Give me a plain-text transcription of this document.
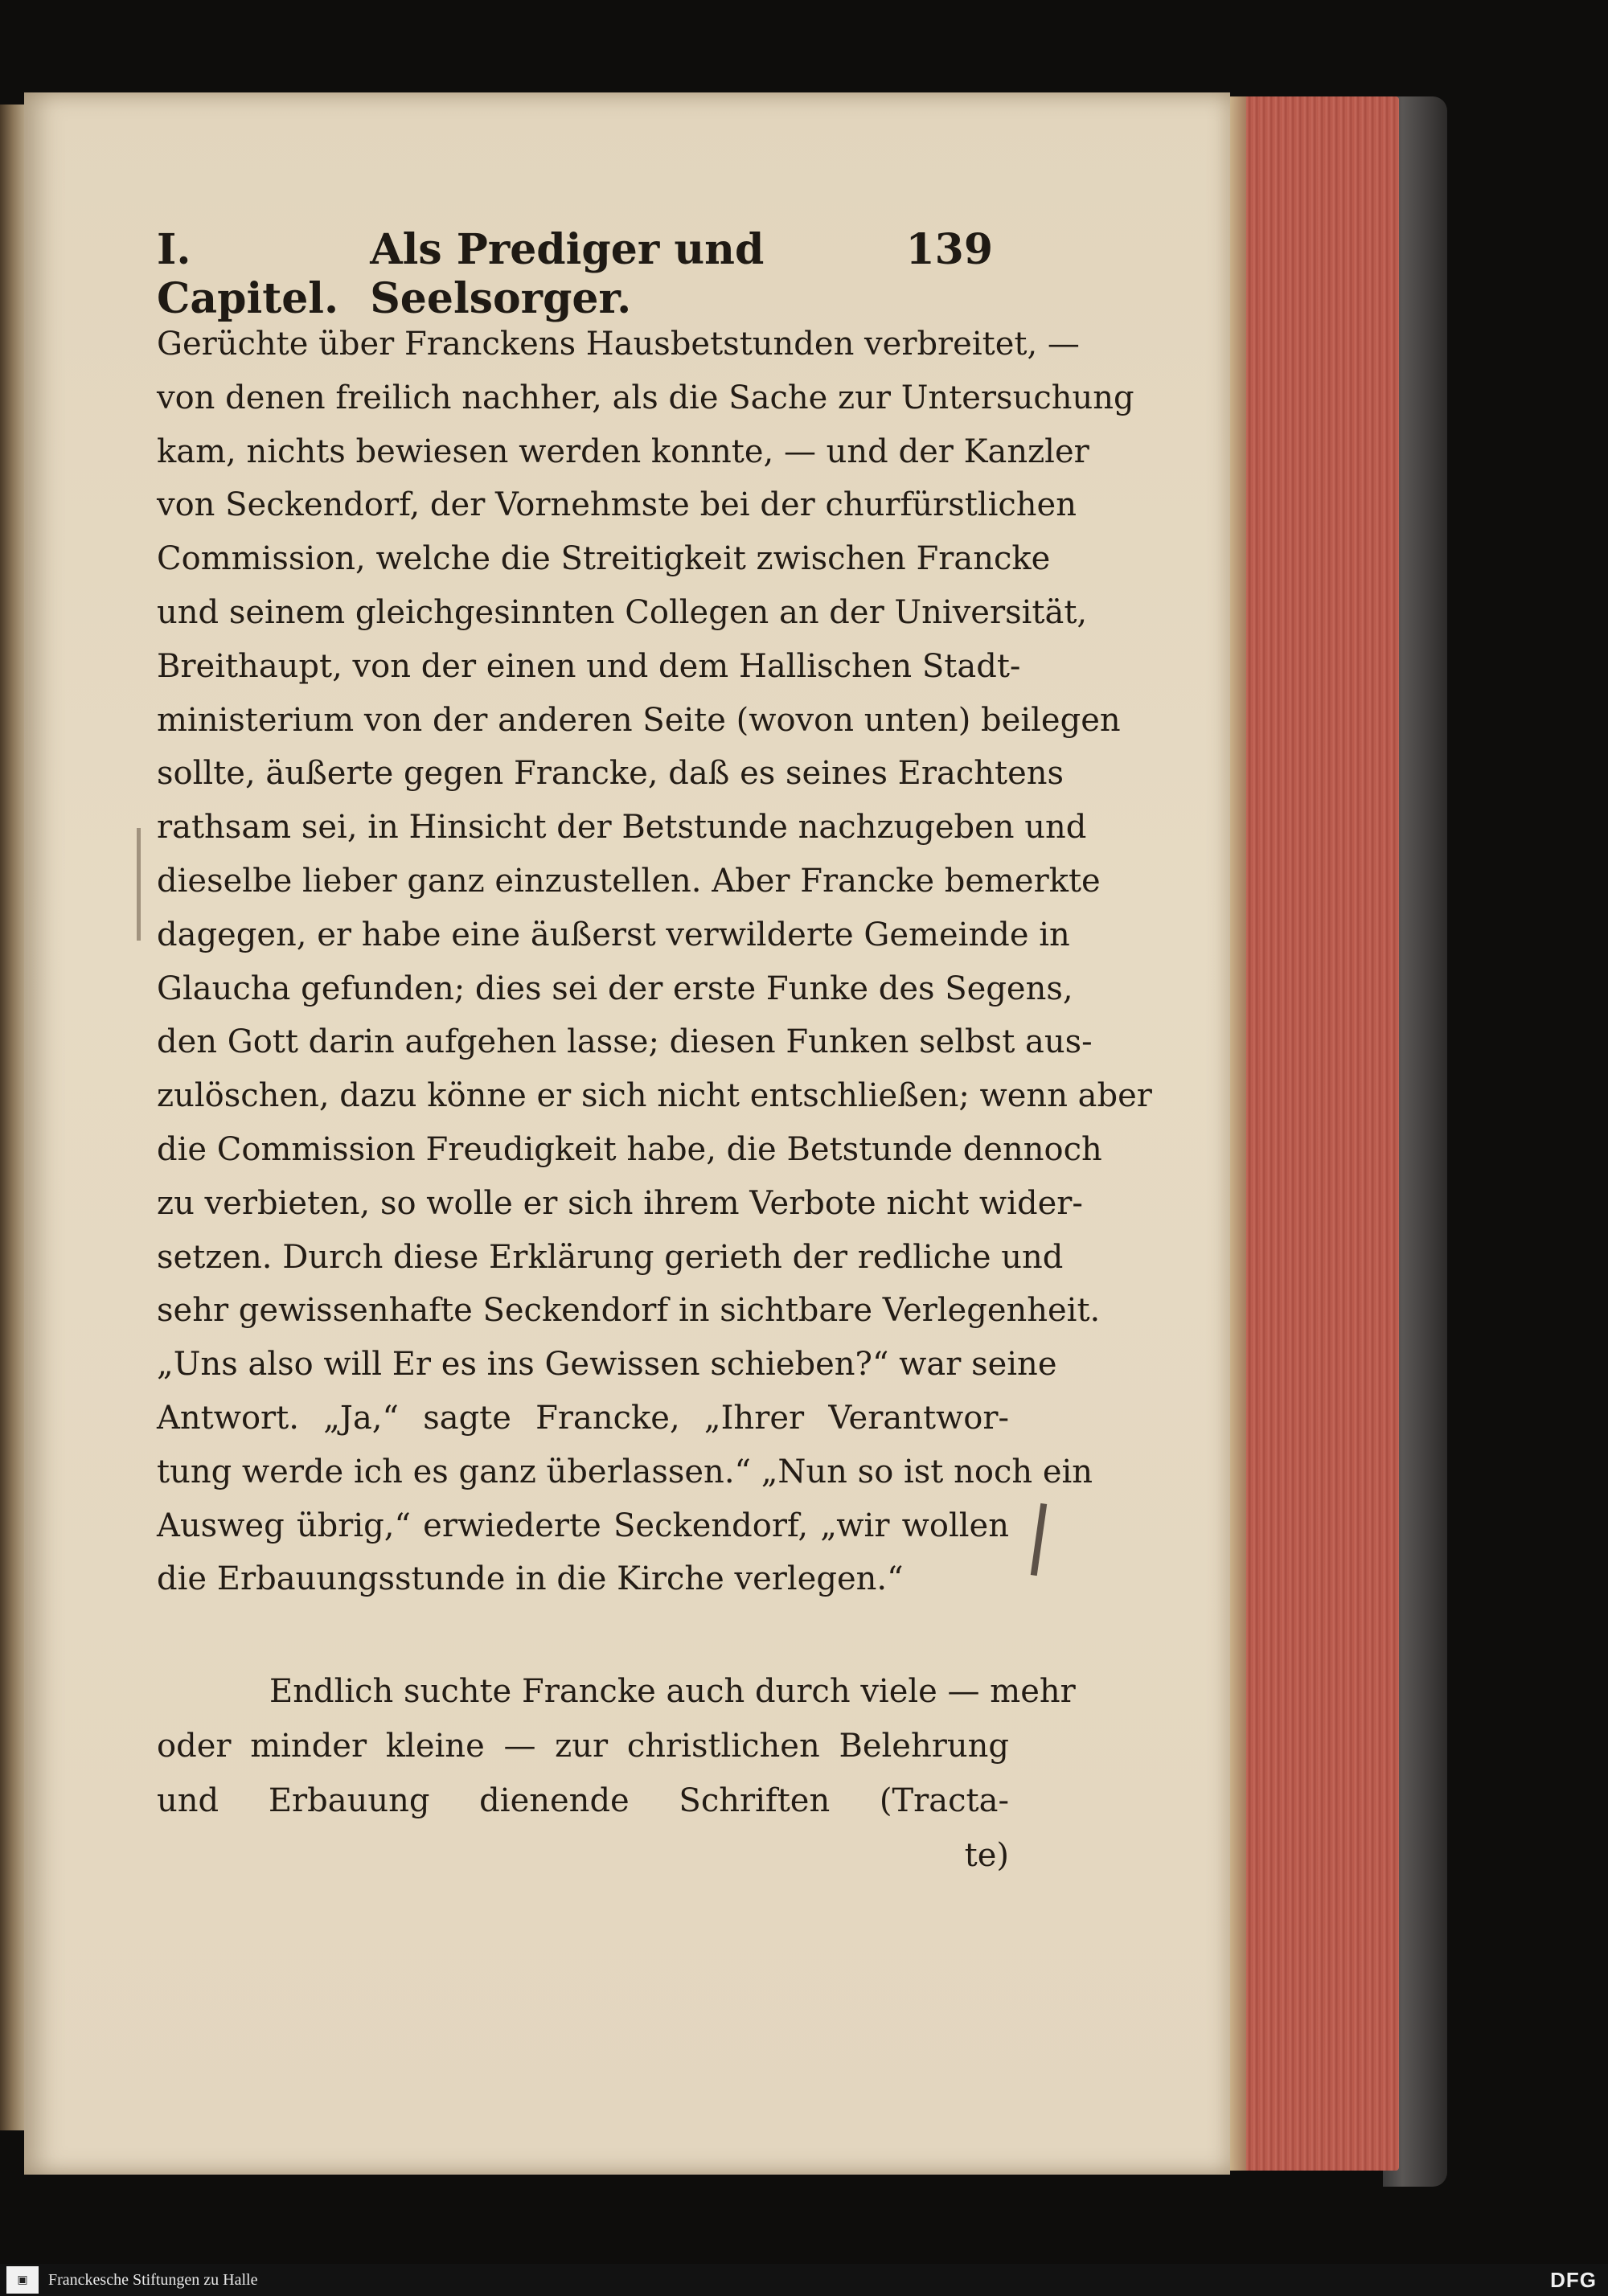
I. Capitel.
Als Prediger und Seelsorger.
139
Gerüchte über Franckens Hausbetstunden verbreitet, —
von denen freilich nachher, als die Sache zur Untersuchung
kam, nichts bewiesen werden konnte, — und der Kanzler
von Seckendorf, der Vornehmste bei der churfürstlichen
Commission, welche die Streitigkeit zwischen Francke
und seinem gleichgesinnten Collegen an der Universität,
Breithaupt, von der einen und dem Hallischen Stadt-
ministerium von der anderen Seite (wovon unten) beilegen
sollte, äußerte gegen Francke, daß es seines Erachtens
rathsam sei, in Hinsicht der Betstunde nachzugeben und
dieselbe lieber ganz einzustellen. Aber Francke bemerkte
dagegen, er habe eine äußerst verwilderte Gemeinde in
Glaucha gefunden; dies sei der erste Funke des Segens,
den Gott darin aufgehen lasse; diesen Funken selbst aus-
zulöschen, dazu könne er sich nicht entschließen; wenn aber
die Commission Freudigkeit habe, die Betstunde dennoch
zu verbieten, so wolle er sich ihrem Verbote nicht wider-
setzen. Durch diese Erklärung gerieth der redliche und
sehr gewissenhafte Seckendorf in sichtbare Verlegenheit.
„Uns also will Er es ins Gewissen schieben?“ war seine
Antwort. „Ja,“ sagte Francke, „Ihrer Verantwor-
tung werde ich es ganz überlassen.“ „Nun so ist noch ein
Ausweg übrig,“ erwiederte Seckendorf, „wir wollen
die Erbauungsstunde in die Kirche verlegen.“
Endlich suchte Francke auch durch viele — mehr
oder minder kleine — zur christlichen Belehrung
und Erbauung dienende Schriften (Tracta-
te)
▣	Franckesche Stiftungen zu Halle	DFG
